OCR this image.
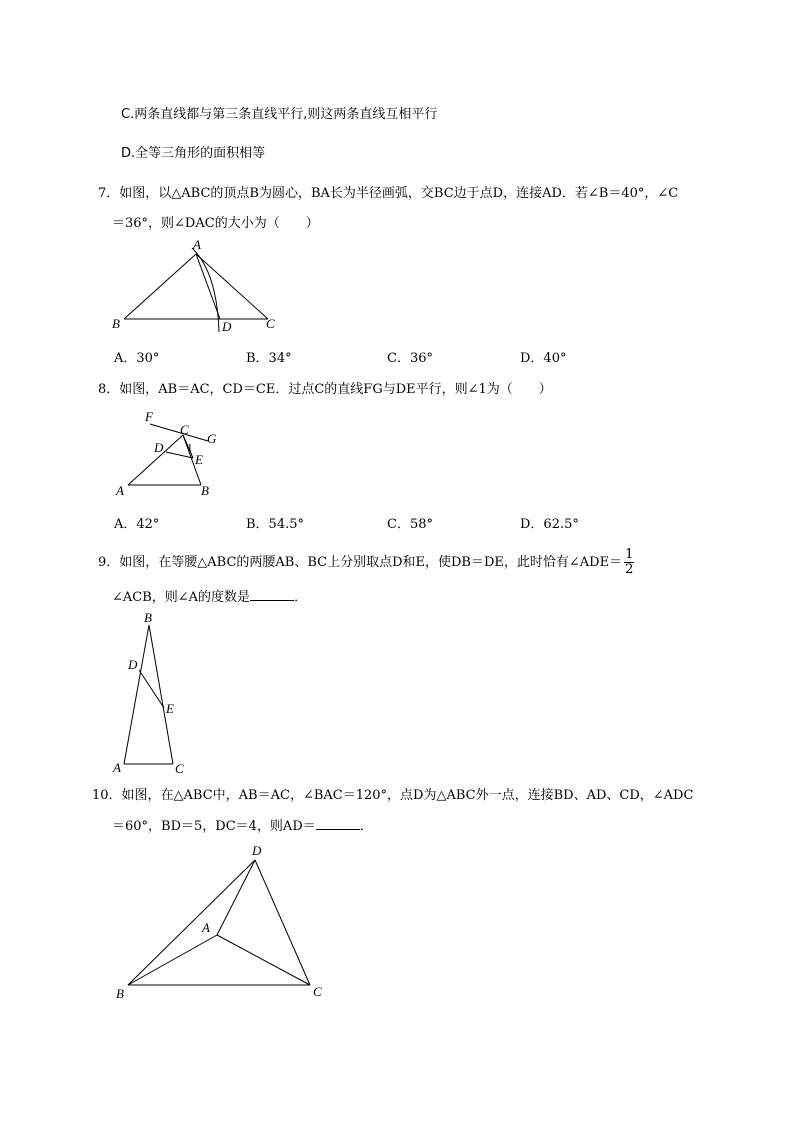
C.两条直线都与第三条直线平行,则这两条直线互相平行
D.全等三角形的面积相等
7．如图，以△ABC的顶点B为圆心，BA长为半径画弧，交BC边于点D，连接AD．若∠B＝40°，∠C
＝36°，则∠DAC的大小为（　　）
A
B	D	C
A．30°	B．34°	C．36°	D．40°
8．如图，AB＝AC，CD＝CE．过点C的直线FG与DE平行，则∠1为（　　）
F
C
G
D 1
E
A	B
A．42°	B．54.5°	C．58°	D．62.5°
9．如图，在等腰△ABC的两腰AB、BC上分别取点D和E，使DB＝DE，此时恰有∠ADE＝ $\frac{1}{2}$
∠ACB，则∠A的度数是	．
B
D
E
A	C
10．如图，在△ABC中，AB＝AC，∠BAC＝120°，点D为△ABC外一点，连接BD、AD、CD，∠ADC
＝60°，BD＝5，DC＝4，则AD＝	．
D
A
B	C
